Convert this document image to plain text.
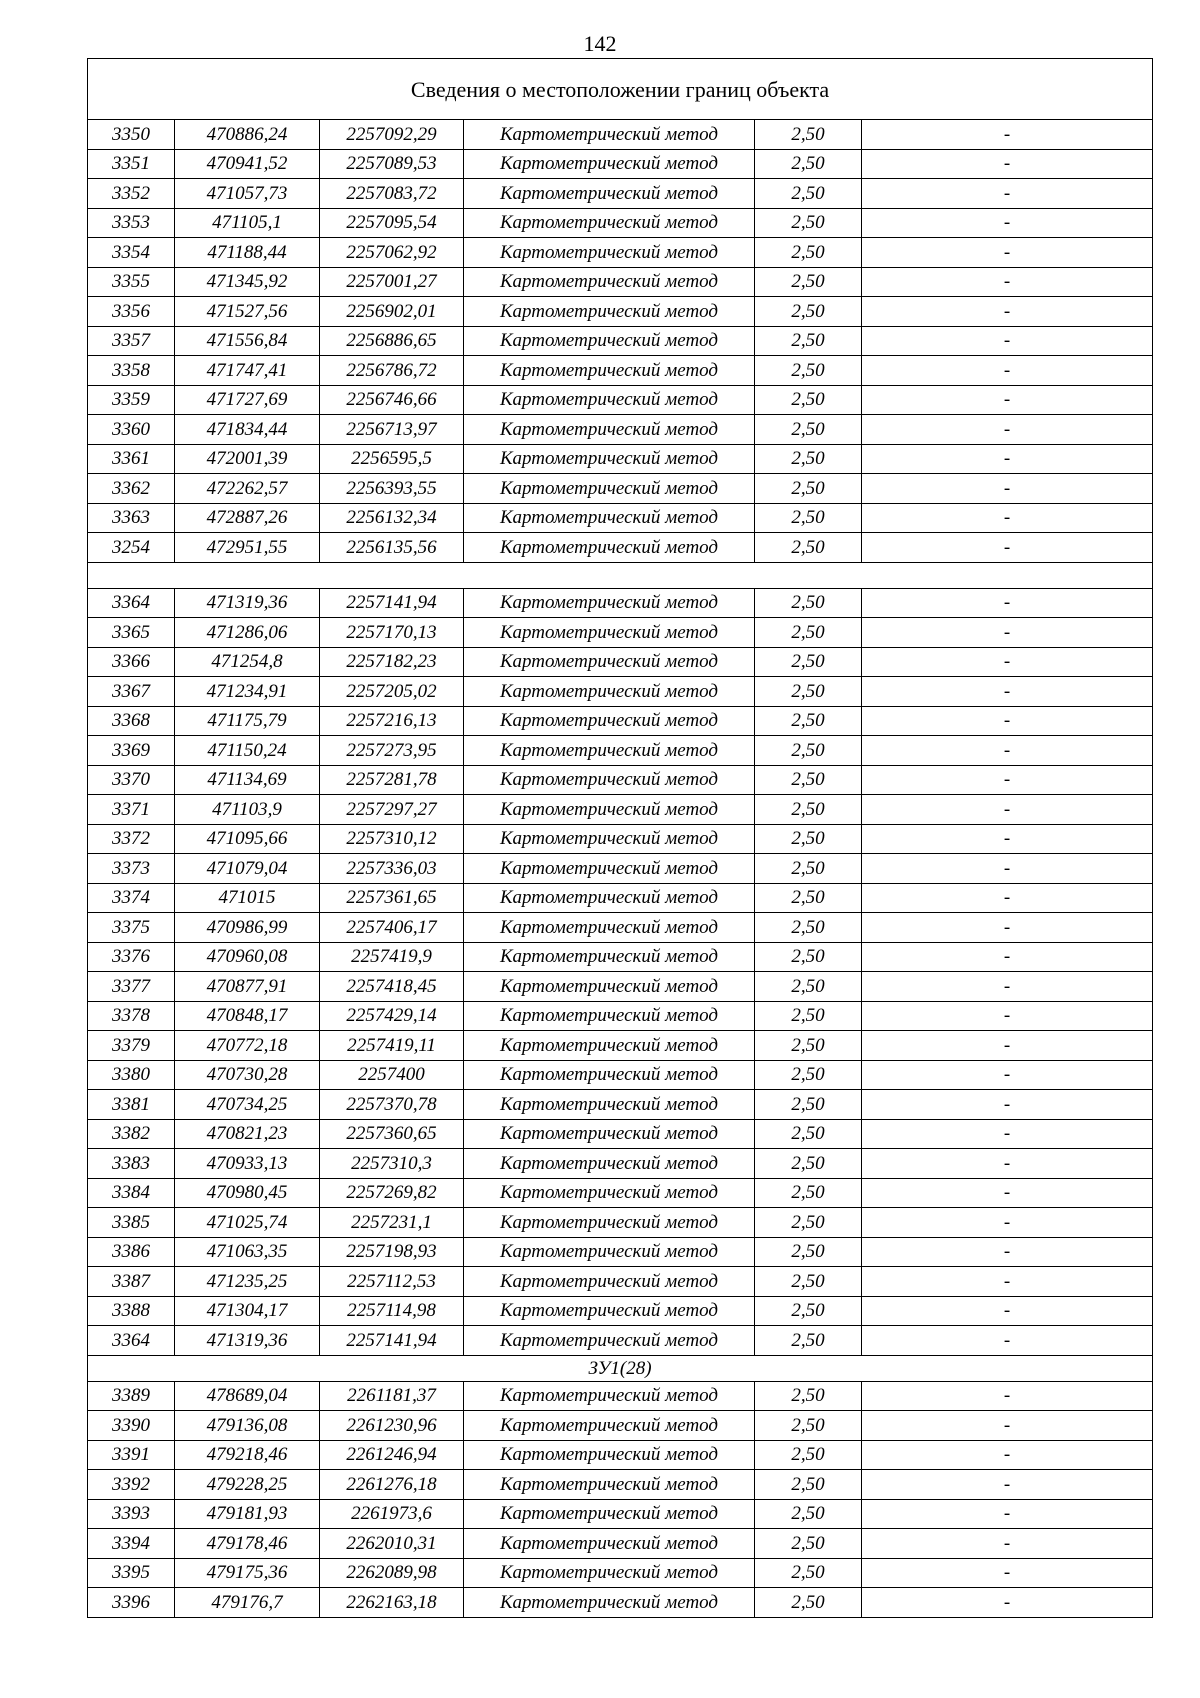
142
Сведения о местоположении границ объекта					
3350	470886,24	2257092,29	Картометрический метод	2,50	-
3351	470941,52	2257089,53	Картометрический метод	2,50	-
3352	471057,73	2257083,72	Картометрический метод	2,50	-
3353	471105,1	2257095,54	Картометрический метод	2,50	-
3354	471188,44	2257062,92	Картометрический метод	2,50	-
3355	471345,92	2257001,27	Картометрический метод	2,50	-
3356	471527,56	2256902,01	Картометрический метод	2,50	-
3357	471556,84	2256886,65	Картометрический метод	2,50	-
3358	471747,41	2256786,72	Картометрический метод	2,50	-
3359	471727,69	2256746,66	Картометрический метод	2,50	-
3360	471834,44	2256713,97	Картометрический метод	2,50	-
3361	472001,39	2256595,5	Картометрический метод	2,50	-
3362	472262,57	2256393,55	Картометрический метод	2,50	-
3363	472887,26	2256132,34	Картометрический метод	2,50	-
3254	472951,55	2256135,56	Картометрический метод	2,50	-

3364	471319,36	2257141,94	Картометрический метод	2,50	-
3365	471286,06	2257170,13	Картометрический метод	2,50	-
3366	471254,8	2257182,23	Картометрический метод	2,50	-
3367	471234,91	2257205,02	Картометрический метод	2,50	-
3368	471175,79	2257216,13	Картометрический метод	2,50	-
3369	471150,24	2257273,95	Картометрический метод	2,50	-
3370	471134,69	2257281,78	Картометрический метод	2,50	-
3371	471103,9	2257297,27	Картометрический метод	2,50	-
3372	471095,66	2257310,12	Картометрический метод	2,50	-
3373	471079,04	2257336,03	Картометрический метод	2,50	-
3374	471015	2257361,65	Картометрический метод	2,50	-
3375	470986,99	2257406,17	Картометрический метод	2,50	-
3376	470960,08	2257419,9	Картометрический метод	2,50	-
3377	470877,91	2257418,45	Картометрический метод	2,50	-
3378	470848,17	2257429,14	Картометрический метод	2,50	-
3379	470772,18	2257419,11	Картометрический метод	2,50	-
3380	470730,28	2257400	Картометрический метод	2,50	-
3381	470734,25	2257370,78	Картометрический метод	2,50	-
3382	470821,23	2257360,65	Картометрический метод	2,50	-
3383	470933,13	2257310,3	Картометрический метод	2,50	-
3384	470980,45	2257269,82	Картометрический метод	2,50	-
3385	471025,74	2257231,1	Картометрический метод	2,50	-
3386	471063,35	2257198,93	Картометрический метод	2,50	-
3387	471235,25	2257112,53	Картометрический метод	2,50	-
3388	471304,17	2257114,98	Картометрический метод	2,50	-
3364	471319,36	2257141,94	Картометрический метод	2,50	-
ЗУ1(28)					
3389	478689,04	2261181,37	Картометрический метод	2,50	-
3390	479136,08	2261230,96	Картометрический метод	2,50	-
3391	479218,46	2261246,94	Картометрический метод	2,50	-
3392	479228,25	2261276,18	Картометрический метод	2,50	-
3393	479181,93	2261973,6	Картометрический метод	2,50	-
3394	479178,46	2262010,31	Картометрический метод	2,50	-
3395	479175,36	2262089,98	Картометрический метод	2,50	-
3396	479176,7	2262163,18	Картометрический метод	2,50	-
